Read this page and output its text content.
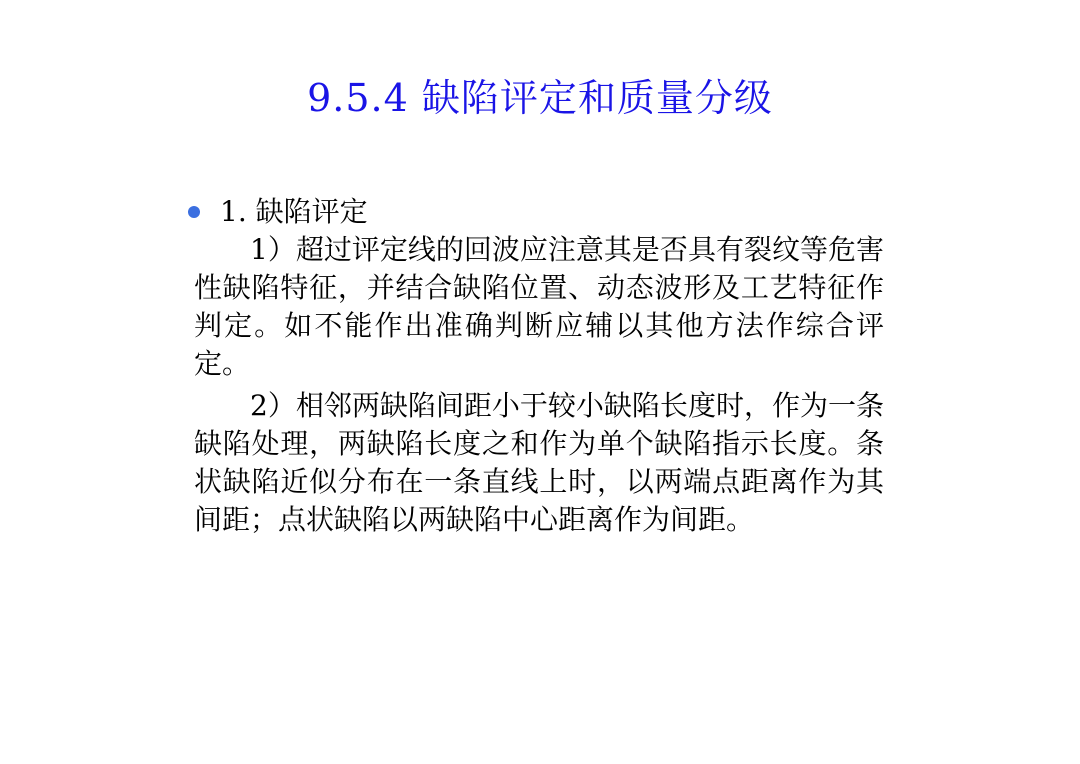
9.5.4 缺陷评定和质量分级
1. 缺陷评定

1）超过评定线的回波应注意其是否具有裂纹等危害性缺陷特征，并结合缺陷位置、动态波形及工艺特征作判定。如不能作出准确判断应辅以其他方法作综合评定。

2）相邻两缺陷间距小于较小缺陷长度时，作为一条缺陷处理，两缺陷长度之和作为单个缺陷指示长度。条状缺陷近似分布在一条直线上时，以两端点距离作为其间距；点状缺陷以两缺陷中心距离作为间距。
